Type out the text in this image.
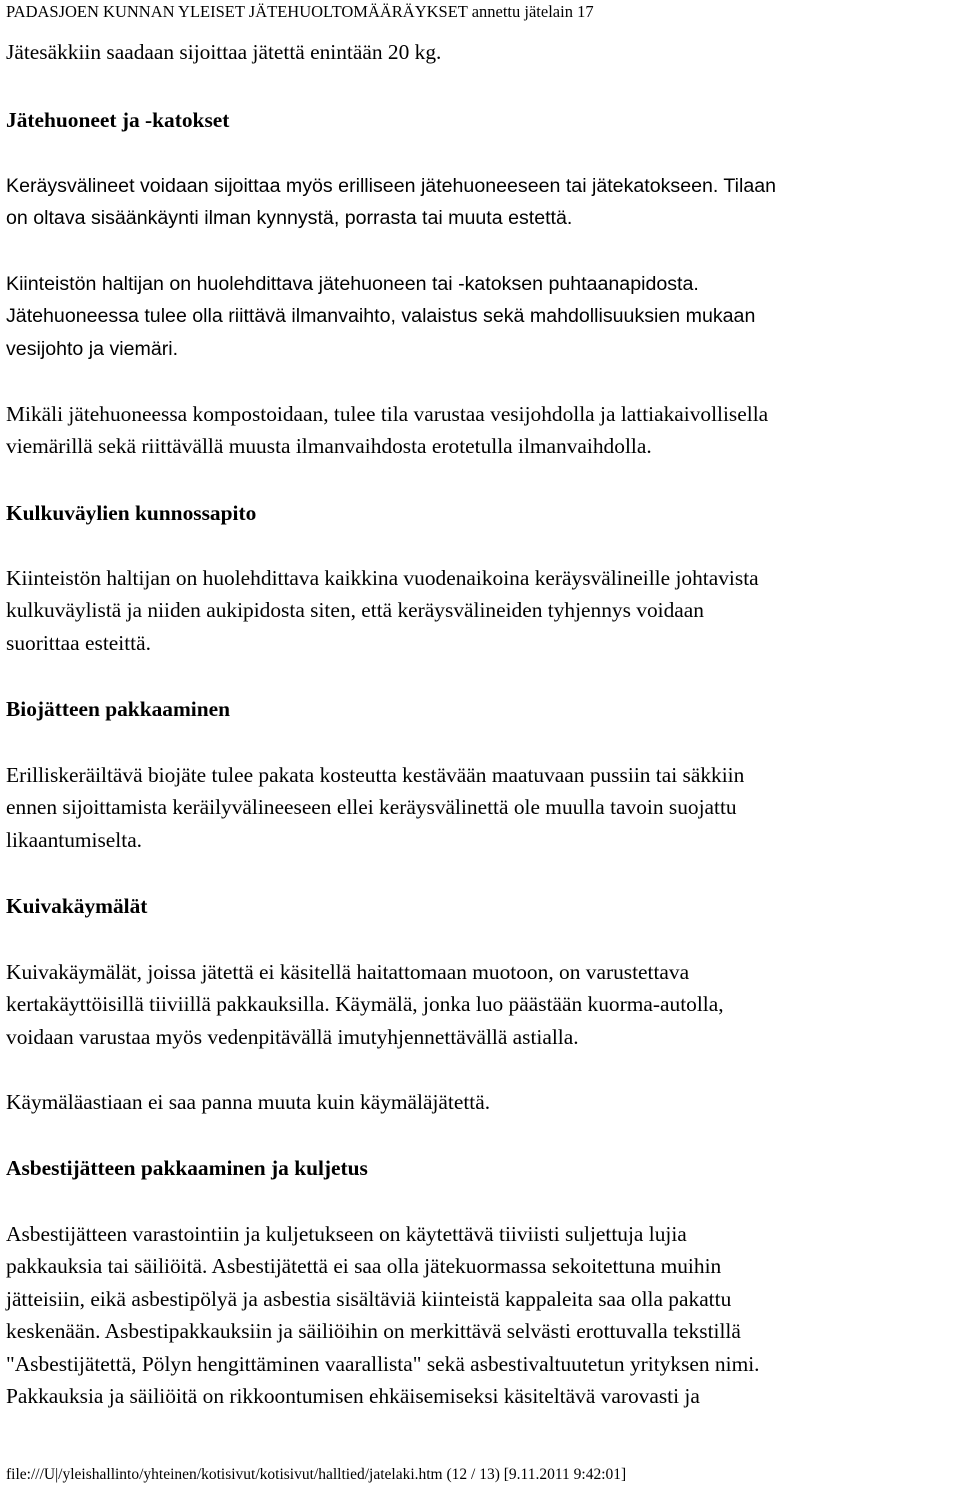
PADASJOEN KUNNAN YLEISET JÄTEHUOLTOMÄÄRÄYKSET annettu jätelain 17

Jätesäkkiin saadaan sijoittaa jätettä enintään 20 kg.

Jätehuoneet ja -katokset

Keräysvälineet voidaan sijoittaa myös erilliseen jätehuoneeseen tai jätekatokseen. Tilaan
on oltava sisäänkäynti ilman kynnystä, porrasta tai muuta estettä.

Kiinteistön haltijan on huolehdittava jätehuoneen tai -katoksen puhtaanapidosta.
Jätehuoneessa tulee olla riittävä ilmanvaihto, valaistus sekä mahdollisuuksien mukaan
vesijohto ja viemäri.

Mikäli jätehuoneessa kompostoidaan, tulee tila varustaa vesijohdolla ja lattiakaivollisella
viemärillä sekä riittävällä muusta ilmanvaihdosta erotetulla ilmanvaihdolla.

Kulkuväylien kunnossapito

Kiinteistön haltijan on huolehdittava kaikkina vuodenaikoina keräysvälineille johtavista
kulkuväylistä ja niiden aukipidosta siten, että keräysvälineiden tyhjennys voidaan
suorittaa esteittä.

Biojätteen pakkaaminen

Erilliskeräiltävä biojäte tulee pakata kosteutta kestävään maatuvaan pussiin tai säkkiin
ennen sijoittamista keräilyvälineeseen ellei keräysvälinettä ole muulla tavoin suojattu
likaantumiselta.

Kuivakäymälät

Kuivakäymälät, joissa jätettä ei käsitellä haitattomaan muotoon, on varustettava
kertakäyttöisillä tiiviillä pakkauksilla. Käymälä, jonka luo päästään kuorma-autolla,
voidaan varustaa myös vedenpitävällä imutyhjennettävällä astialla.

Käymäläastiaan ei saa panna muuta kuin käymäläjätettä.

Asbestijätteen pakkaaminen ja kuljetus

Asbestijätteen varastointiin ja kuljetukseen on käytettävä tiiviisti suljettuja lujia
pakkauksia tai säiliöitä. Asbestijätettä ei saa olla jätekuormassa sekoitettuna muihin
jätteisiin, eikä asbestipölyä ja asbestia sisältäviä kiinteistä kappaleita saa olla pakattu
keskenään. Asbestipakkauksiin ja säiliöihin on merkittävä selvästi erottuvalla tekstillä
"Asbestijätettä, Pölyn hengittäminen vaarallista" sekä asbestivaltuutetun yrityksen nimi.
Pakkauksia ja säiliöitä on rikkoontumisen ehkäisemiseksi käsiteltävä varovasti ja

file:///U|/yleishallinto/yhteinen/kotisivut/kotisivut/halltied/jatelaki.htm (12 / 13) [9.11.2011 9:42:01]
